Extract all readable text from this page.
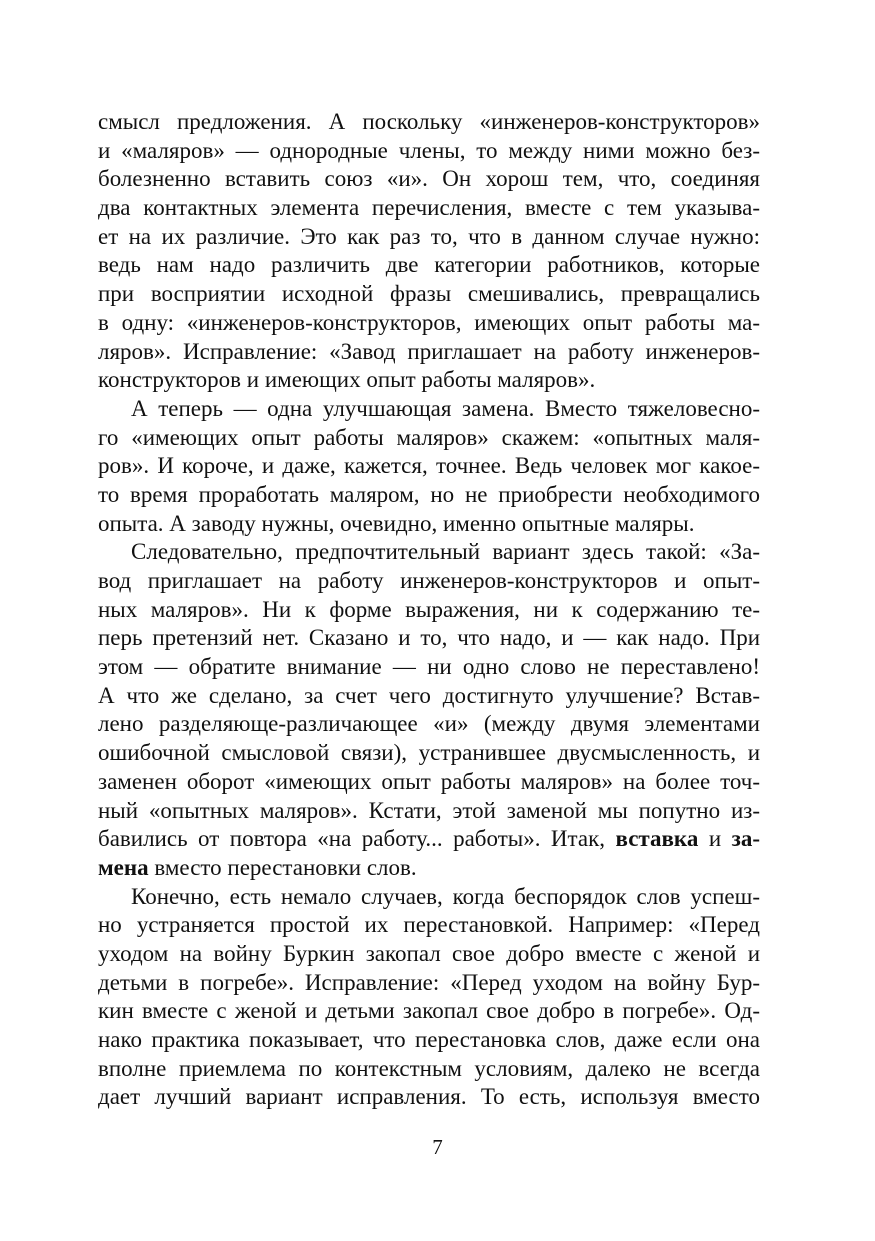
смысл предложения. А поскольку «инженеров-конструкторов»
и «маляров» — однородные члены, то между ними можно без-
болезненно вставить союз «и». Он хорош тем, что, соединяя
два контактных элемента перечисления, вместе с тем указыва-
ет на их различие. Это как раз то, что в данном случае нужно:
ведь нам надо различить две категории работников, которые
при восприятии исходной фразы смешивались, превращались
в одну: «инженеров-конструкторов, имеющих опыт работы ма-
ляров». Исправление: «Завод приглашает на работу инженеров-
конструкторов и имеющих опыт работы маляров».
А теперь — одна улучшающая замена. Вместо тяжеловесно-
го «имеющих опыт работы маляров» скажем: «опытных маля-
ров». И короче, и даже, кажется, точнее. Ведь человек мог какое-
то время проработать маляром, но не приобрести необходимого
опыта. А заводу нужны, очевидно, именно опытные маляры.
Следовательно, предпочтительный вариант здесь такой: «За-
вод приглашает на работу инженеров-конструкторов и опыт-
ных маляров». Ни к форме выражения, ни к содержанию те-
перь претензий нет. Сказано и то, что надо, и — как надо. При
этом — обратите внимание — ни одно слово не переставлено!
А что же сделано, за счет чего достигнуто улучшение? Встав-
лено разделяюще-различающее «и» (между двумя элементами
ошибочной смысловой связи), устранившее двусмысленность, и
заменен оборот «имеющих опыт работы маляров» на более точ-
ный «опытных маляров». Кстати, этой заменой мы попутно из-
бавились от повтора «на работу... работы». Итак, вставка и за-
мена вместо перестановки слов.
Конечно, есть немало случаев, когда беспорядок слов успеш-
но устраняется простой их перестановкой. Например: «Перед
уходом на войну Буркин закопал свое добро вместе с женой и
детьми в погребе». Исправление: «Перед уходом на войну Бур-
кин вместе с женой и детьми закопал свое добро в погребе». Од-
нако практика показывает, что перестановка слов, даже если она
вполне приемлема по контекстным условиям, далеко не всегда
дает лучший вариант исправления. То есть, используя вместо
7
